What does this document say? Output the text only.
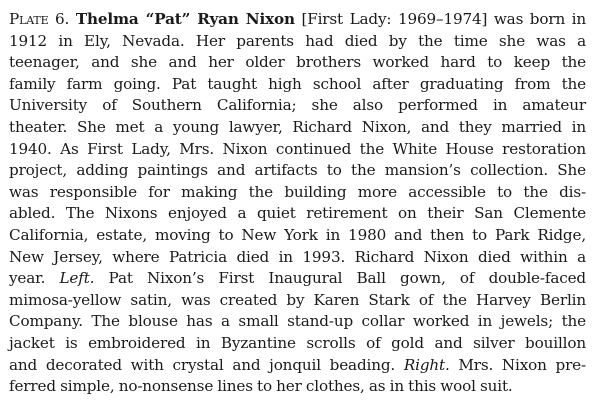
Plate 6. Thelma “Pat” Ryan Nixon [First Lady: 1969–1974] was born in
1912 in Ely, Nevada. Her parents had died by the time she was a
teenager, and she and her older brothers worked hard to keep the
family farm going. Pat taught high school after graduating from the
University of Southern California; she also performed in amateur
theater. She met a young lawyer, Richard Nixon, and they married in
1940. As First Lady, Mrs. Nixon continued the White House restoration
project, adding paintings and artifacts to the mansion’s collection. She
was responsible for making the building more accessible to the dis-
abled. The Nixons enjoyed a quiet retirement on their San Clemente
California, estate, moving to New York in 1980 and then to Park Ridge,
New Jersey, where Patricia died in 1993. Richard Nixon died within a
year. Left. Pat Nixon’s First Inaugural Ball gown, of double-faced
mimosa-yellow satin, was created by Karen Stark of the Harvey Berlin
Company. The blouse has a small stand-up collar worked in jewels; the
jacket is embroidered in Byzantine scrolls of gold and silver bouillon
and decorated with crystal and jonquil beading. Right. Mrs. Nixon pre-
ferred simple, no-nonsense lines to her clothes, as in this wool suit.
